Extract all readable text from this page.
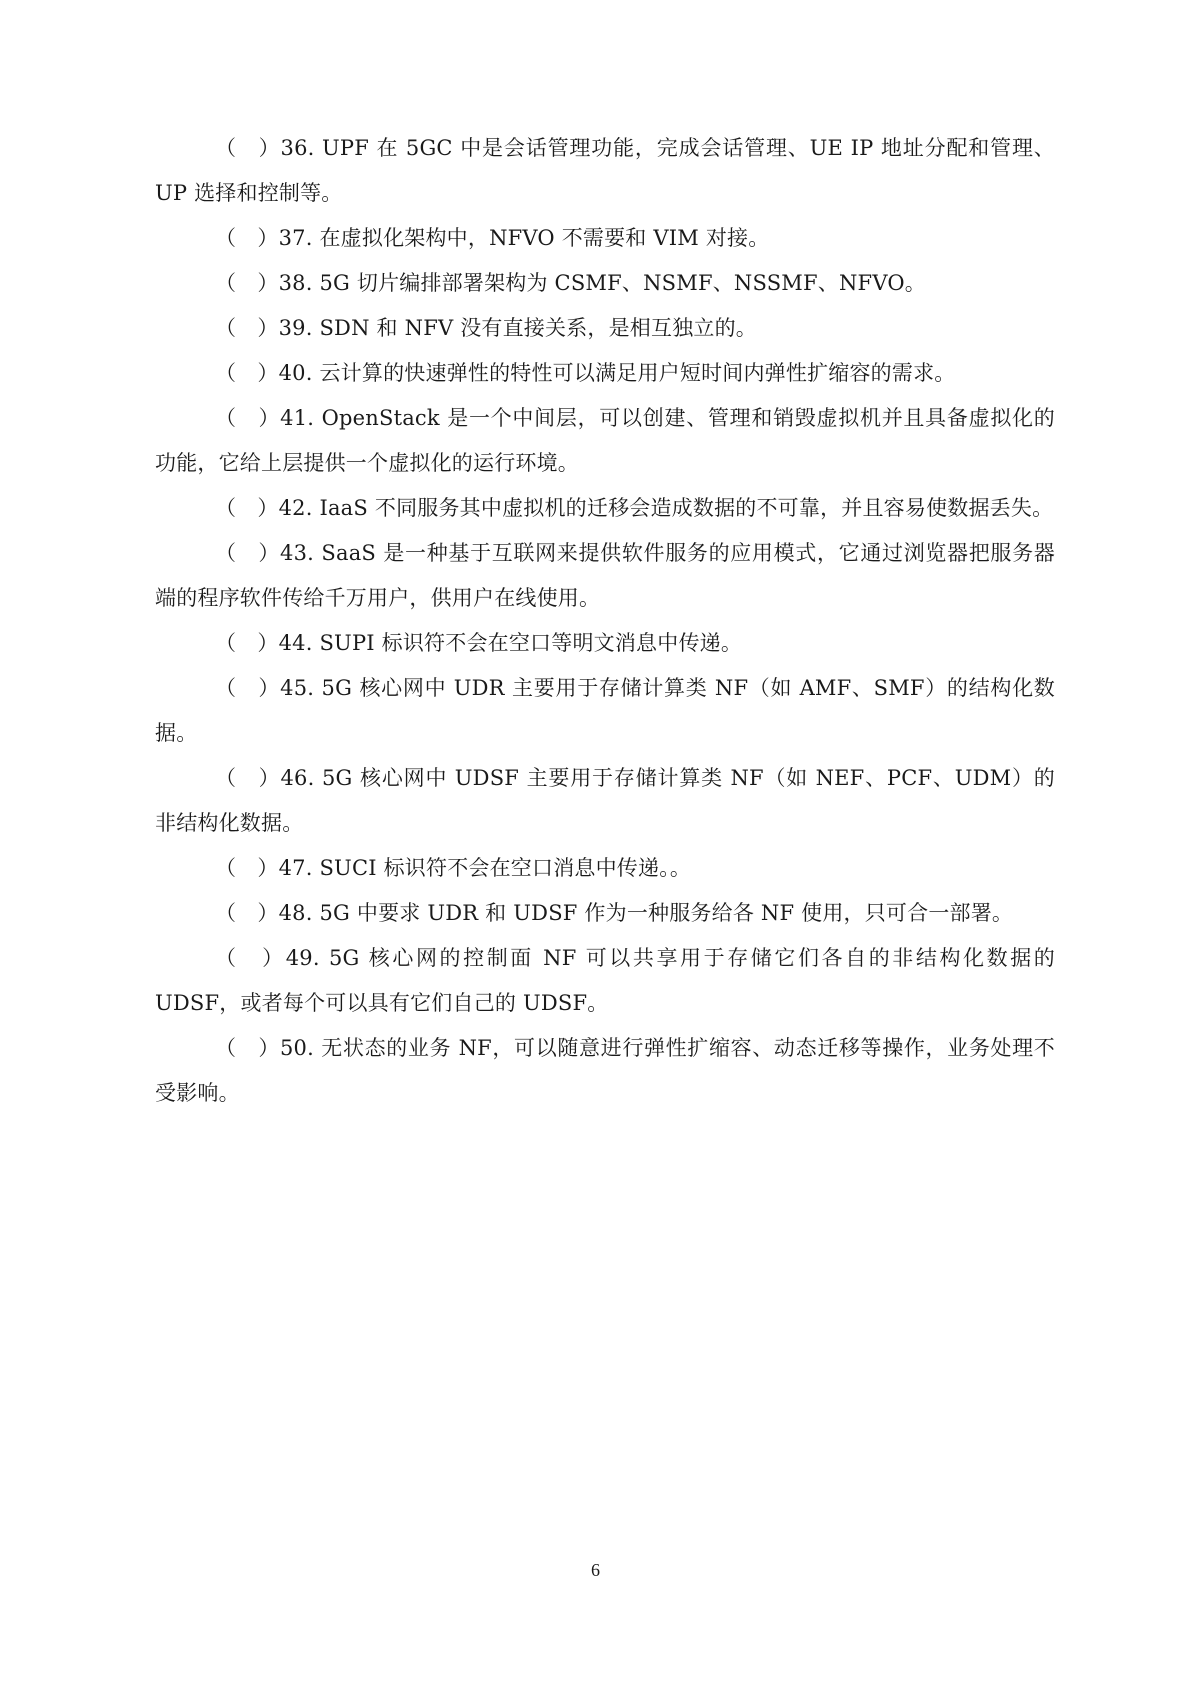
（　）36. UPF 在 5GC 中是会话管理功能，完成会话管理、UE IP 地址分配和管理、UP 选择和控制等。

（　）37. 在虚拟化架构中，NFVO 不需要和 VIM 对接。

（　）38. 5G 切片编排部署架构为 CSMF、NSMF、NSSMF、NFVO。

（　）39. SDN 和 NFV 没有直接关系，是相互独立的。

（　）40. 云计算的快速弹性的特性可以满足用户短时间内弹性扩缩容的需求。

（　）41. OpenStack 是一个中间层，可以创建、管理和销毁虚拟机并且具备虚拟化的功能，它给上层提供一个虚拟化的运行环境。

（　）42. IaaS 不同服务其中虚拟机的迁移会造成数据的不可靠，并且容易使数据丢失。

（　）43. SaaS 是一种基于互联网来提供软件服务的应用模式，它通过浏览器把服务器端的程序软件传给千万用户，供用户在线使用。

（　）44. SUPI 标识符不会在空口等明文消息中传递。

（　）45. 5G 核心网中 UDR 主要用于存储计算类 NF（如 AMF、SMF）的结构化数据。

（　）46. 5G 核心网中 UDSF 主要用于存储计算类 NF（如 NEF、PCF、UDM）的非结构化数据。

（　）47. SUCI 标识符不会在空口消息中传递。。

（　）48. 5G 中要求 UDR 和 UDSF 作为一种服务给各 NF 使用，只可合一部署。

（　）49. 5G 核心网的控制面 NF 可以共享用于存储它们各自的非结构化数据的 UDSF，或者每个可以具有它们自己的 UDSF。

（　）50. 无状态的业务 NF，可以随意进行弹性扩缩容、动态迁移等操作，业务处理不受影响。

6
